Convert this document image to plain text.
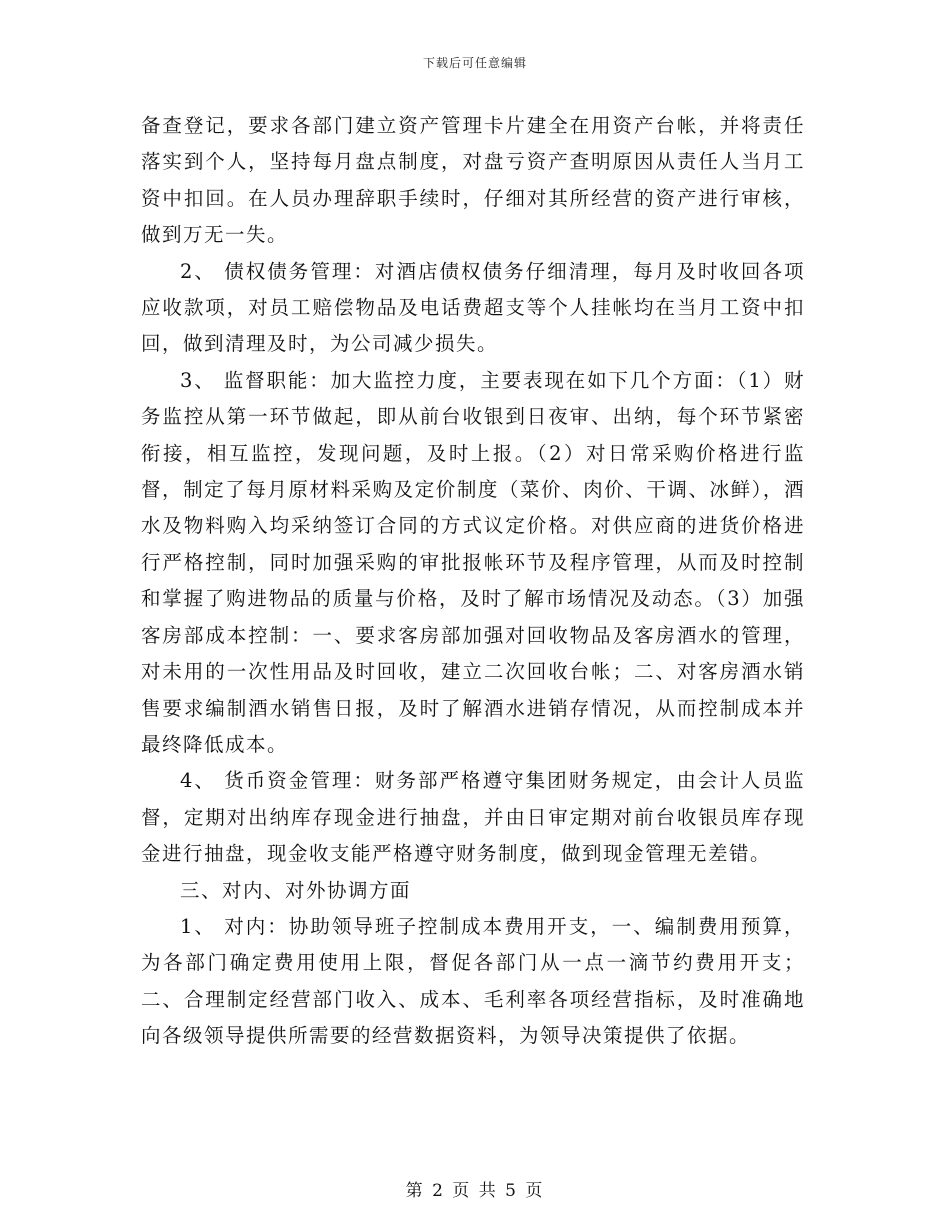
下载后可任意编辑

备查登记，要求各部门建立资产管理卡片建全在用资产台帐，并将责任落实到个人，坚持每月盘点制度，对盘亏资产查明原因从责任人当月工资中扣回。在人员办理辞职手续时，仔细对其所经营的资产进行审核，做到万无一失。

2、 债权债务管理：对酒店债权债务仔细清理，每月及时收回各项应收款项，对员工赔偿物品及电话费超支等个人挂帐均在当月工资中扣回，做到清理及时，为公司减少损失。

3、 监督职能：加大监控力度，主要表现在如下几个方面：（1）财务监控从第一环节做起，即从前台收银到日夜审、出纳，每个环节紧密衔接，相互监控，发现问题，及时上报。（2）对日常采购价格进行监督，制定了每月原材料采购及定价制度（菜价、肉价、干调、冰鲜），酒水及物料购入均采纳签订合同的方式议定价格。对供应商的进货价格进行严格控制，同时加强采购的审批报帐环节及程序管理，从而及时控制和掌握了购进物品的质量与价格，及时了解市场情况及动态。（3）加强客房部成本控制：一、要求客房部加强对回收物品及客房酒水的管理，对未用的一次性用品及时回收，建立二次回收台帐；二、对客房酒水销售要求编制酒水销售日报，及时了解酒水进销存情况，从而控制成本并最终降低成本。

4、 货币资金管理：财务部严格遵守集团财务规定，由会计人员监督，定期对出纳库存现金进行抽盘，并由日审定期对前台收银员库存现金进行抽盘，现金收支能严格遵守财务制度，做到现金管理无差错。

三、对内、对外协调方面

1、 对内：协助领导班子控制成本费用开支，一、编制费用预算，为各部门确定费用使用上限，督促各部门从一点一滴节约费用开支；二、合理制定经营部门收入、成本、毛利率各项经营指标，及时准确地向各级领导提供所需要的经营数据资料，为领导决策提供了依据。

第 2 页 共 5 页
